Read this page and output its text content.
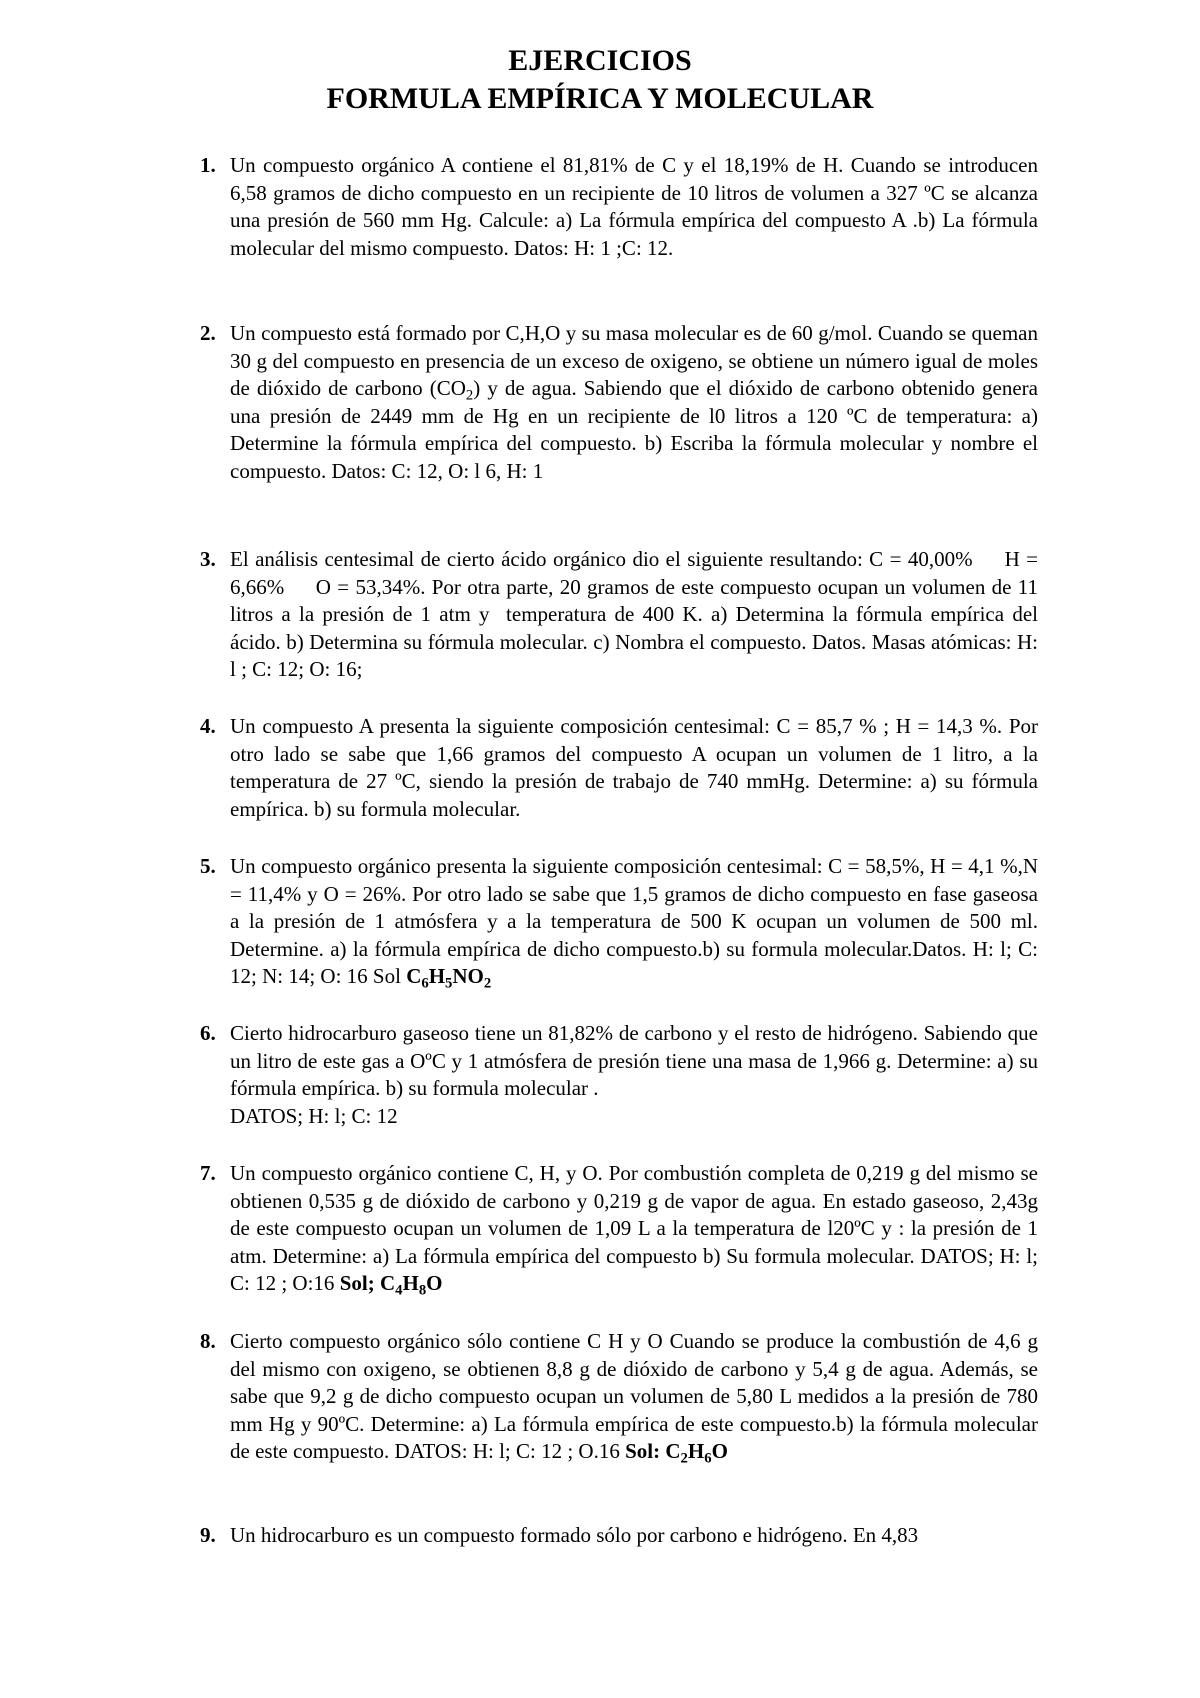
EJERCICIOS
FORMULA EMPÍRICA Y MOLECULAR
1. Un compuesto orgánico A contiene el 81,81% de C y el 18,19% de H. Cuando se introducen 6,58 gramos de dicho compuesto en un recipiente de 10 litros de volumen a 327 ºC se alcanza una presión de 560 mm Hg. Calcule: a) La fórmula empírica del compuesto A .b) La fórmula molecular del mismo compuesto. Datos: H: 1 ;C: 12.

2. Un compuesto está formado por C,H,O y su masa molecular es de 60 g/mol. Cuando se queman 30 g del compuesto en presencia de un exceso de oxigeno, se obtiene un número igual de moles de dióxido de carbono $(CO_2)$ y de agua. Sabiendo que el dióxido de carbono obtenido genera una presión de 2449 mm de Hg en un recipiente de l0 litros a 120 ºC de temperatura: a) Determine la fórmula empírica del compuesto. b) Escriba la fórmula molecular y nombre el compuesto. Datos: C: 12, O: l 6, H: 1

3. El análisis centesimal de cierto ácido orgánico dio el siguiente resultando: C = 40,00%     H = 6,66%     O = 53,34%. Por otra parte, 20 gramos de este compuesto ocupan un volumen de 11 litros a la presión de 1 atm y  temperatura de 400 K. a) Determina la fórmula empírica del ácido. b) Determina su fórmula molecular. c) Nombra el compuesto. Datos. Masas atómicas: H: l ; C: 12; O: 16;

4. Un compuesto A presenta la siguiente composición centesimal: C = 85,7 % ; H = 14,3 %. Por otro lado se sabe que 1,66 gramos del compuesto A ocupan un volumen de 1 litro, a la temperatura de 27 ºC, siendo la presión de trabajo de 740 mmHg. Determine: a) su fórmula empírica. b) su formula molecular.

5. Un compuesto orgánico presenta la siguiente composición centesimal: C = 58,5%, H = 4,1 %,N = 11,4% y O = 26%. Por otro lado se sabe que 1,5 gramos de dicho compuesto en fase gaseosa a la presión de 1 atmósfera y a la temperatura de 500 K ocupan un volumen de 500 ml. Determine. a) la fórmula empírica de dicho compuesto.b) su formula molecular.Datos. H: l; C: 12; N: 14; O: 16 Sol $C_6H_5NO_2$

6. Cierto hidrocarburo gaseoso tiene un 81,82% de carbono y el resto de hidrógeno. Sabiendo que un litro de este gas a OºC y 1 atmósfera de presión tiene una masa de 1,966 g. Determine: a) su fórmula empírica. b) su formula molecular .
DATOS; H: l; C: 12

7. Un compuesto orgánico contiene C, H, y O. Por combustión completa de 0,219 g del mismo se obtienen 0,535 g de dióxido de carbono y 0,219 g de vapor de agua. En estado gaseoso, 2,43g de este compuesto ocupan un volumen de 1,09 L a la temperatura de l20ºC y : la presión de 1 atm. Determine: a) La fórmula empírica del compuesto b) Su formula molecular. DATOS; H: l; C: 12 ; O:16 Sol; $C_4H_8O$

8. Cierto compuesto orgánico sólo contiene C H y O Cuando se produce la combustión de 4,6 g del mismo con oxigeno, se obtienen 8,8 g de dióxido de carbono y 5,4 g de agua. Además, se sabe que 9,2 g de dicho compuesto ocupan un volumen de 5,80 L medidos a la presión de 780 mm Hg y 90ºC. Determine: a) La fórmula empírica de este compuesto.b) la fórmula molecular de este compuesto. DATOS: H: l; C: 12 ; O.16 Sol: $C_2H_6O$

9. Un hidrocarburo es un compuesto formado sólo por carbono e hidrógeno. En 4,83
